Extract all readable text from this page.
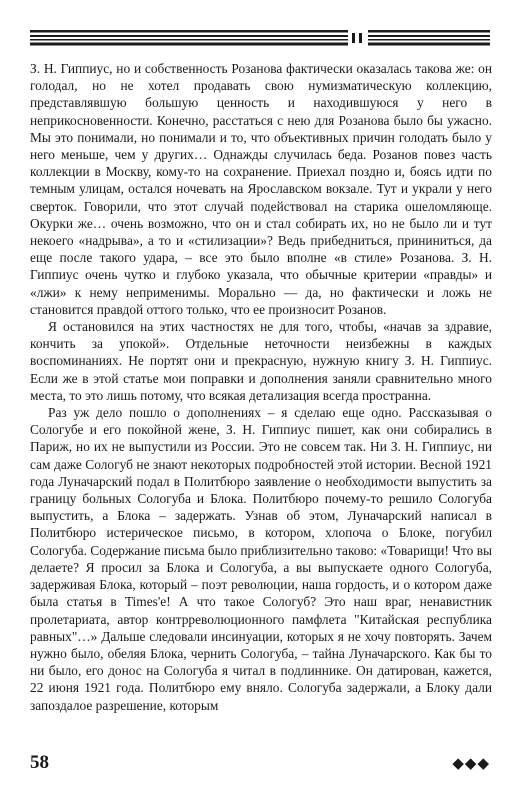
З. Н. Гиппиус, но и собственность Розанова фактически оказалась такова же: он голодал, но не хотел продавать свою нумизматическую коллекцию, представлявшую большую ценность и находившуюся у него в неприкосновенности. Конечно, расстаться с нею для Розанова было бы ужасно. Мы это понимали, но понимали и то, что объективных причин голодать было у него меньше, чем у других… Однажды случилась беда. Розанов повез часть коллекции в Москву, кому-то на сохранение. Приехал поздно и, боясь идти по темным улицам, остался ночевать на Ярославском вокзале. Тут и украли у него сверток. Говорили, что этот случай подействовал на старика ошеломляюще. Окурки же… очень возможно, что он и стал собирать их, но не было ли и тут некоего «надрыва», а то и «стилизации»? Ведь прибедниться, прининиться, да еще после такого удара, – все это было вполне «в стиле» Розанова. З. Н. Гиппиус очень чутко и глубоко указала, что обычные критерии «правды» и «лжи» к нему неприменимы. Морально — да, но фактически и ложь не становится правдой оттого только, что ее произносит Розанов.

Я остановился на этих частностях не для того, чтобы, «начав за здравие, кончить за упокой». Отдельные неточности неизбежны в каждых воспоминаниях. Не портят они и прекрасную, нужную книгу З. Н. Гиппиус. Если же в этой статье мои поправки и дополнения заняли сравнительно много места, то это лишь потому, что всякая детализация всегда пространна.

Раз уж дело пошло о дополнениях – я сделаю еще одно. Рассказывая о Сологубе и его покойной жене, З. Н. Гиппиус пишет, как они собирались в Париж, но их не выпустили из России. Это не совсем так. Ни З. Н. Гиппиус, ни сам даже Сологуб не знают некоторых подробностей этой истории. Весной 1921 года Луначарский подал в Политбюро заявление о необходимости выпустить за границу больных Сологуба и Блока. Политбюро почему-то решило Сологуба выпустить, а Блока – задержать. Узнав об этом, Луначарский написал в Политбюро истерическое письмо, в котором, хлопоча о Блоке, погубил Сологуба. Содержание письма было приблизительно таково: «Товарищи! Что вы делаете? Я просил за Блока и Сологуба, а вы выпускаете одного Сологуба, задерживая Блока, который – поэт революции, наша гордость, и о котором даже была статья в Times'е! А что такое Сологуб? Это наш враг, ненавистник пролетариата, автор контрреволюционного памфлета "Китайская республика равных"…» Дальше следовали инсинуации, которых я не хочу повторять. Зачем нужно было, обеляя Блока, чернить Сологуба, – тайна Луначарского. Как бы то ни было, его донос на Сологуба я читал в подлиннике. Он датирован, кажется, 22 июня 1921 года. Политбюро ему вняло. Сологуба задержали, а Блоку дали запоздалое разрешение, которым

58	◆◆◆
